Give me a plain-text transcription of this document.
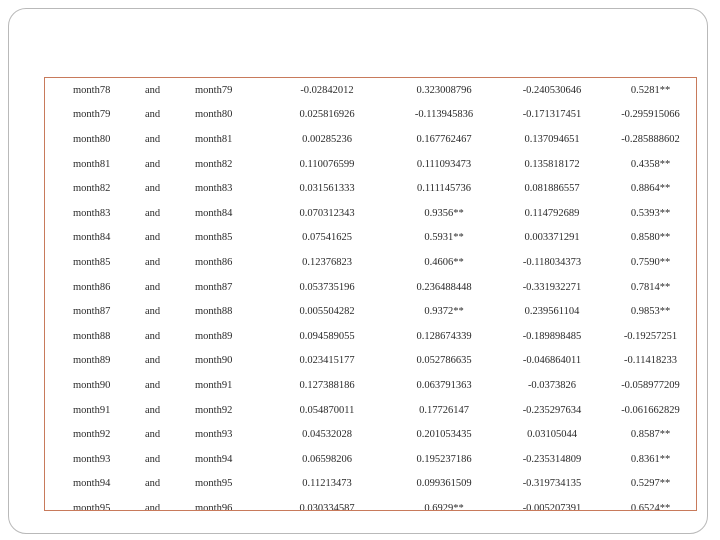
month78	and	month79	-0.02842012	0.323008796	-0.240530646	0.5281**
month79	and	month80	0.025816926	-0.113945836	-0.171317451	-0.295915066
month80	and	month81	0.00285236	0.167762467	0.137094651	-0.285888602
month81	and	month82	0.110076599	0.111093473	0.135818172	0.4358**
month82	and	month83	0.031561333	0.111145736	0.081886557	0.8864**
month83	and	month84	0.070312343	0.9356**	0.114792689	0.5393**
month84	and	month85	0.07541625	0.5931**	0.003371291	0.8580**
month85	and	month86	0.12376823	0.4606**	-0.118034373	0.7590**
month86	and	month87	0.053735196	0.236488448	-0.331932271	0.7814**
month87	and	month88	0.005504282	0.9372**	0.239561104	0.9853**
month88	and	month89	0.094589055	0.128674339	-0.189898485	-0.19257251
month89	and	month90	0.023415177	0.052786635	-0.046864011	-0.11418233
month90	and	month91	0.127388186	0.063791363	-0.0373826	-0.058977209
month91	and	month92	0.054870011	0.17726147	-0.235297634	-0.061662829
month92	and	month93	0.04532028	0.201053435	0.03105044	0.8587**
month93	and	month94	0.06598206	0.195237186	-0.235314809	0.8361**
month94	and	month95	0.11213473	0.099361509	-0.319734135	0.5297**
month95	and	month96	0.030334587	0.6929**	-0.005207391	0.6524**
